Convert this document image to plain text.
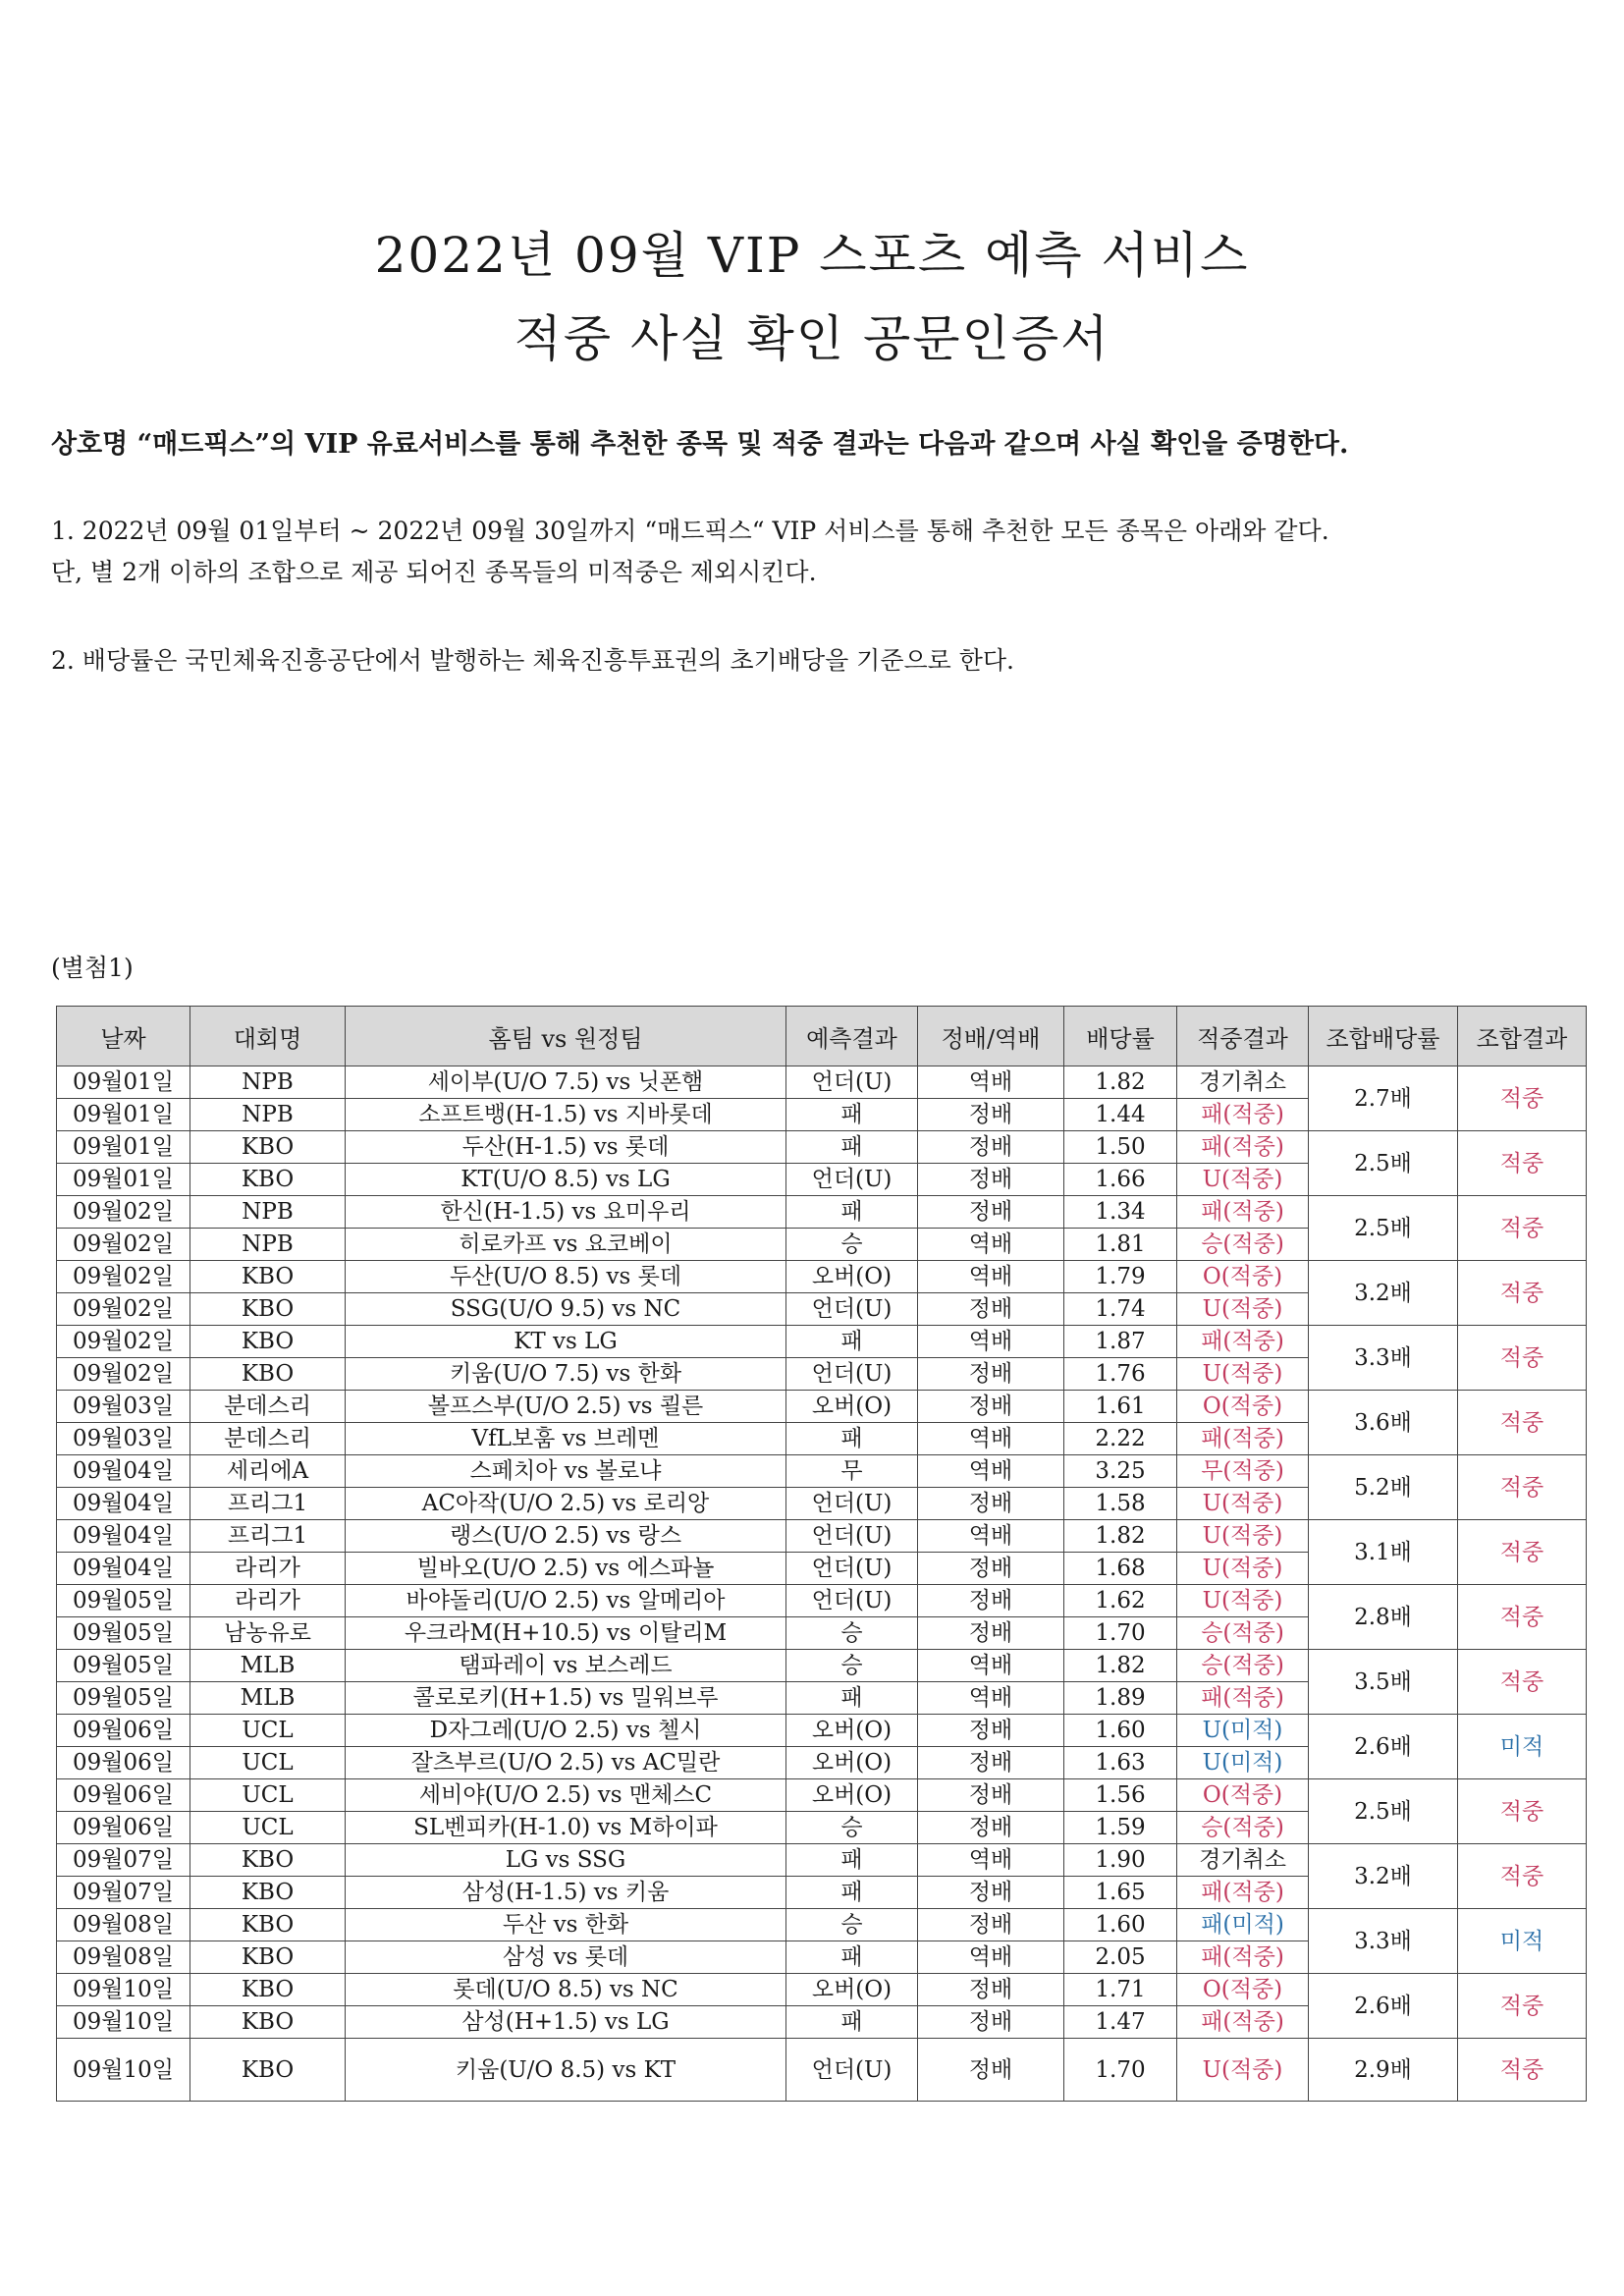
2022년 09월 VIP 스포츠 예측 서비스
적중 사실 확인 공문인증서
상호명 “매드픽스”의 VIP 유료서비스를 통해 추천한 종목 및 적중 결과는 다음과 같으며 사실 확인을 증명한다.
1. 2022년 09월 01일부터 ~ 2022년 09월 30일까지 “매드픽스“ VIP 서비스를 통해 추천한 모든 종목은 아래와 같다.
단, 별 2개 이하의 조합으로 제공 되어진 종목들의 미적중은 제외시킨다.
2. 배당률은 국민체육진흥공단에서 발행하는 체육진흥투표권의 초기배당을 기준으로 한다.
(별첨1)
날짜	대회명	홈팀 vs 원정팀	예측결과	정배/역배	배당률	적중결과	조합배당률	조합결과
09월01일	NPB	세이부(U/O 7.5) vs 닛폰햄	언더(U)	역배	1.82	경기취소	2.7배	적중
09월01일	NPB	소프트뱅(H-1.5) vs 지바롯데	패	정배	1.44	패(적중)		
09월01일	KBO	두산(H-1.5) vs 롯데	패	정배	1.50	패(적중)	2.5배	적중
09월01일	KBO	KT(U/O 8.5) vs LG	언더(U)	정배	1.66	U(적중)		
09월02일	NPB	한신(H-1.5) vs 요미우리	패	정배	1.34	패(적중)	2.5배	적중
09월02일	NPB	히로카프 vs 요코베이	승	역배	1.81	승(적중)		
09월02일	KBO	두산(U/O 8.5) vs 롯데	오버(O)	역배	1.79	O(적중)	3.2배	적중
09월02일	KBO	SSG(U/O 9.5) vs NC	언더(U)	정배	1.74	U(적중)		
09월02일	KBO	KT vs LG	패	역배	1.87	패(적중)	3.3배	적중
09월02일	KBO	키움(U/O 7.5) vs 한화	언더(U)	정배	1.76	U(적중)		
09월03일	분데스리	볼프스부(U/O 2.5) vs 쾰른	오버(O)	정배	1.61	O(적중)	3.6배	적중
09월03일	분데스리	VfL보훔 vs 브레멘	패	역배	2.22	패(적중)		
09월04일	세리에A	스페치아 vs 볼로냐	무	역배	3.25	무(적중)	5.2배	적중
09월04일	프리그1	AC아작(U/O 2.5) vs 로리앙	언더(U)	정배	1.58	U(적중)		
09월04일	프리그1	랭스(U/O 2.5) vs 랑스	언더(U)	역배	1.82	U(적중)	3.1배	적중
09월04일	라리가	빌바오(U/O 2.5) vs 에스파뇰	언더(U)	정배	1.68	U(적중)		
09월05일	라리가	바야돌리(U/O 2.5) vs 알메리아	언더(U)	정배	1.62	U(적중)	2.8배	적중
09월05일	남농유로	우크라M(H+10.5) vs 이탈리M	승	정배	1.70	승(적중)		
09월05일	MLB	탬파레이 vs 보스레드	승	역배	1.82	승(적중)	3.5배	적중
09월05일	MLB	콜로로키(H+1.5) vs 밀워브루	패	역배	1.89	패(적중)		
09월06일	UCL	D자그레(U/O 2.5) vs 첼시	오버(O)	정배	1.60	U(미적)	2.6배	미적
09월06일	UCL	잘츠부르(U/O 2.5) vs AC밀란	오버(O)	정배	1.63	U(미적)		
09월06일	UCL	세비야(U/O 2.5) vs 맨체스C	오버(O)	정배	1.56	O(적중)	2.5배	적중
09월06일	UCL	SL벤피카(H-1.0) vs M하이파	승	정배	1.59	승(적중)		
09월07일	KBO	LG vs SSG	패	역배	1.90	경기취소	3.2배	적중
09월07일	KBO	삼성(H-1.5) vs 키움	패	정배	1.65	패(적중)		
09월08일	KBO	두산 vs 한화	승	정배	1.60	패(미적)	3.3배	미적
09월08일	KBO	삼성 vs 롯데	패	역배	2.05	패(적중)		
09월10일	KBO	롯데(U/O 8.5) vs NC	오버(O)	정배	1.71	O(적중)	2.6배	적중
09월10일	KBO	삼성(H+1.5) vs LG	패	정배	1.47	패(적중)		
09월10일	KBO	키움(U/O 8.5) vs KT	언더(U)	정배	1.70	U(적중)	2.9배	적중
